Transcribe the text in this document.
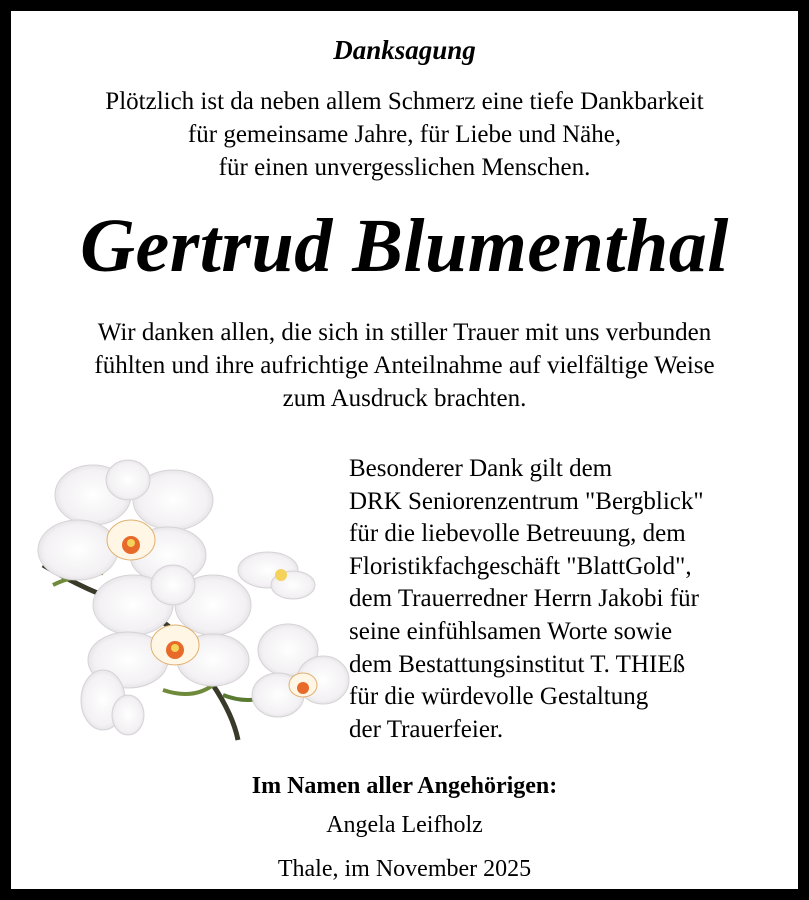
Danksagung
Plötzlich ist da neben allem Schmerz eine tiefe Dankbarkeit
für gemeinsame Jahre, für Liebe und Nähe,
für einen unvergesslichen Menschen.
Gertrud Blumenthal
Wir danken allen, die sich in stiller Trauer mit uns verbunden
fühlten und ihre aufrichtige Anteilnahme auf vielfältige Weise
zum Ausdruck brachten.
Besonderer Dank gilt dem
DRK Seniorenzentrum "Bergblick"
für die liebevolle Betreuung, dem
Floristikfachgeschäft "BlattGold",
dem Trauerredner Herrn Jakobi für
seine einfühlsamen Worte sowie
dem Bestattungsinstitut T. THIEß
für die würdevolle Gestaltung
der Trauerfeier.
Im Namen aller Angehörigen:
Angela Leifholz
Thale, im November 2025
